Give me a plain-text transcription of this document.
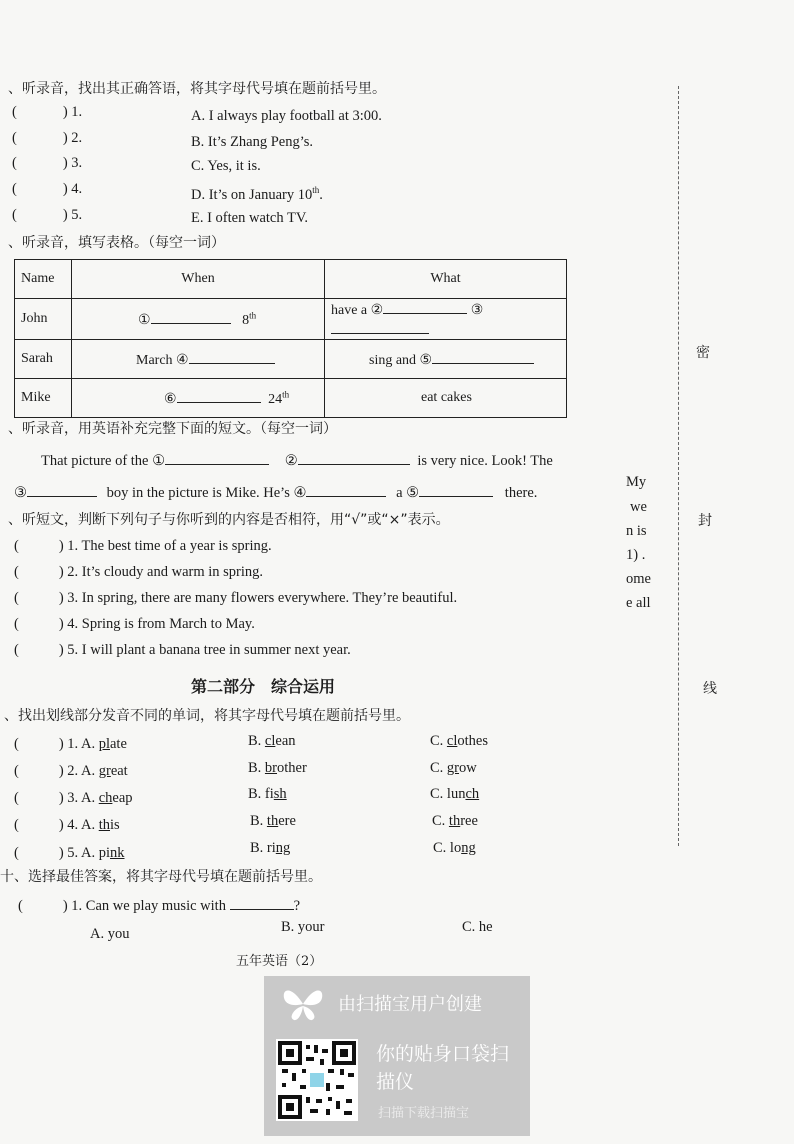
、听录音，找出其正确答语，将其字母代号填在题前括号里。
(	) 1.	A. I always play football at 3:00.
(	) 2.	B. It’s Zhang Peng’s.
(	) 3.	C. Yes, it is.
(	) 4.	D. It’s on January 10th.
(	) 5.	E. I often watch TV.
、听录音，填写表格。（每空一词）
Name	When	What
John	① 8th	have a ② ③
Sarah	March ④	sing and ⑤
Mike	⑥ 24th	eat cakes
、听录音，用英语补充完整下面的短文。（每空一词）
That picture of the ①	②	is very nice. Look! The
③	boy in the picture is Mike. He’s ④	a ⑤	there.
、听短文，判断下列句子与你听到的内容是否相符，用“√”或“×”表示。
(	) 1. The best time of a year is spring.
(	) 2. It’s cloudy and warm in spring.
(	) 3. In spring, there are many flowers everywhere. They’re beautiful.
(	) 4. Spring is from March to May.
(	) 5. I will plant a banana tree in summer next year.
第二部分　综合运用
、找出划线部分发音不同的单词，将其字母代号填在题前括号里。
(	) 1. A. plate	B. clean	C. clothes
(	) 2. A. great	B. brother	C. grow
(	) 3. A. cheap	B. fish	C. lunch
(	) 4. A. this	B. there	C. three
(	) 5. A. pink	B. ring	C. long
十、选择最佳答案，将其字母代号填在题前括号里。
(	) 1. Can we play music with	?
A. you	B. your	C. he
五年英语（2）
密
封
线
My
we
n is
1) .
ome
e all
由扫描宝用户创建
你的贴身口袋扫描仪
扫描下载扫描宝
